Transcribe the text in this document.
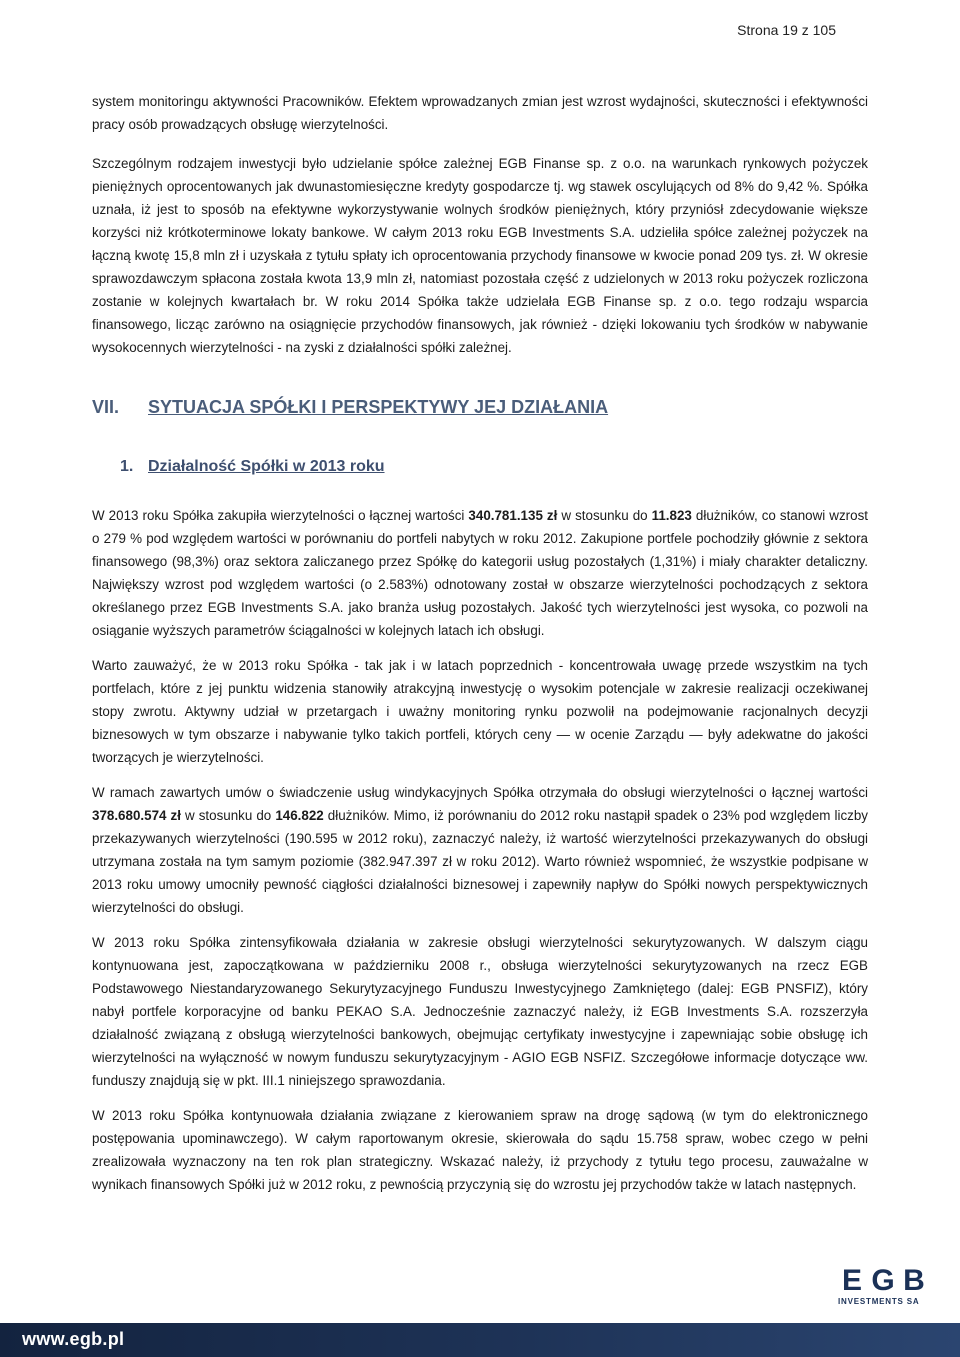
Strona 19 z 105

system monitoringu aktywności Pracowników. Efektem wprowadzanych zmian jest wzrost wydajności, skuteczności i efektywności pracy osób prowadzących obsługę wierzytelności.

Szczególnym rodzajem inwestycji było udzielanie spółce zależnej EGB Finanse sp. z o.o. na warunkach rynkowych pożyczek pieniężnych oprocentowanych jak dwunastomiesięczne kredyty gospodarcze tj. wg stawek oscylujących od 8% do 9,42 %. Spółka uznała, iż jest to sposób na efektywne wykorzystywanie wolnych środków pieniężnych, który przyniósł zdecydowanie większe korzyści niż krótkoterminowe lokaty bankowe. W całym 2013 roku EGB Investments S.A. udzieliła spółce zależnej pożyczek na łączną kwotę 15,8 mln zł i uzyskała z tytułu spłaty ich oprocentowania przychody finansowe w kwocie ponad 209 tys. zł. W okresie sprawozdawczym spłacona została kwota 13,9 mln zł, natomiast pozostała część z udzielonych w 2013 roku pożyczek rozliczona zostanie w kolejnych kwartałach br. W roku 2014 Spółka także udzielała EGB Finanse sp. z o.o. tego rodzaju wsparcia finansowego, licząc zarówno na osiągnięcie przychodów finansowych, jak również - dzięki lokowaniu tych środków w nabywanie wysokocennych wierzytelności - na zyski z działalności spółki zależnej.

VII.	SYTUACJA SPÓŁKI I PERSPEKTYWY JEJ DZIAŁANIA
1. Działalność Spółki w 2013 roku

W 2013 roku Spółka zakupiła wierzytelności o łącznej wartości 340.781.135 zł w stosunku do 11.823 dłużników, co stanowi wzrost o 279 % pod względem wartości w porównaniu do portfeli nabytych w roku 2012. Zakupione portfele pochodziły głównie z sektora finansowego (98,3%) oraz sektora zaliczanego przez Spółkę do kategorii usług pozostałych (1,31%) i miały charakter detaliczny. Największy wzrost pod względem wartości (o 2.583%) odnotowany został w obszarze wierzytelności pochodzących z sektora określanego przez EGB Investments S.A. jako branża usług pozostałych. Jakość tych wierzytelności jest wysoka, co pozwoli na osiąganie wyższych parametrów ściągalności w kolejnych latach ich obsługi.

Warto zauważyć, że w 2013 roku Spółka - tak jak i w latach poprzednich - koncentrowała uwagę przede wszystkim na tych portfelach, które z jej punktu widzenia stanowiły atrakcyjną inwestycję o wysokim potencjale w zakresie realizacji oczekiwanej stopy zwrotu. Aktywny udział w przetargach i uważny monitoring rynku pozwolił na podejmowanie racjonalnych decyzji biznesowych w tym obszarze i nabywanie tylko takich portfeli, których ceny — w ocenie Zarządu — były adekwatne do jakości tworzących je wierzytelności.

W ramach zawartych umów o świadczenie usług windykacyjnych Spółka otrzymała do obsługi wierzytelności o łącznej wartości 378.680.574 zł w stosunku do 146.822 dłużników. Mimo, iż porównaniu do 2012 roku nastąpił spadek o 23% pod względem liczby przekazywanych wierzytelności (190.595 w 2012 roku), zaznaczyć należy, iż wartość wierzytelności przekazywanych do obsługi utrzymana została na tym samym poziomie (382.947.397 zł w roku 2012). Warto również wspomnieć, że wszystkie podpisane w 2013 roku umowy umocniły pewność ciągłości działalności biznesowej i zapewniły napływ do Spółki nowych perspektywicznych wierzytelności do obsługi.

W 2013 roku Spółka zintensyfikowała działania w zakresie obsługi wierzytelności sekurytyzowanych. W dalszym ciągu kontynuowana jest, zapoczątkowana w październiku 2008 r., obsługa wierzytelności sekurytyzowanych na rzecz EGB Podstawowego Niestandaryzowanego Sekurytyzacyjnego Funduszu Inwestycyjnego Zamkniętego (dalej: EGB PNSFIZ), który nabył portfele korporacyjne od banku PEKAO S.A. Jednocześnie zaznaczyć należy, iż EGB Investments S.A. rozszerzyła działalność związaną z obsługą wierzytelności bankowych, obejmując certyfikaty inwestycyjne i zapewniając sobie obsługę ich wierzytelności na wyłączność w nowym funduszu sekurytyzacyjnym - AGIO EGB NSFIZ. Szczegółowe informacje dotyczące ww. funduszy znajdują się w pkt. III.1 niniejszego sprawozdania.

W 2013 roku Spółka kontynuowała działania związane z kierowaniem spraw na drogę sądową (w tym do elektronicznego postępowania upominawczego). W całym raportowanym okresie, skierowała do sądu 15.758 spraw, wobec czego w pełni zrealizowała wyznaczony na ten rok plan strategiczny. Wskazać należy, iż przychody z tytułu tego procesu, zauważalne w wynikach finansowych Spółki już w 2012 roku, z pewnością przyczynią się do wzrostu jej przychodów także w latach następnych.

E G B
INVESTMENTS SA
www.egb.pl
